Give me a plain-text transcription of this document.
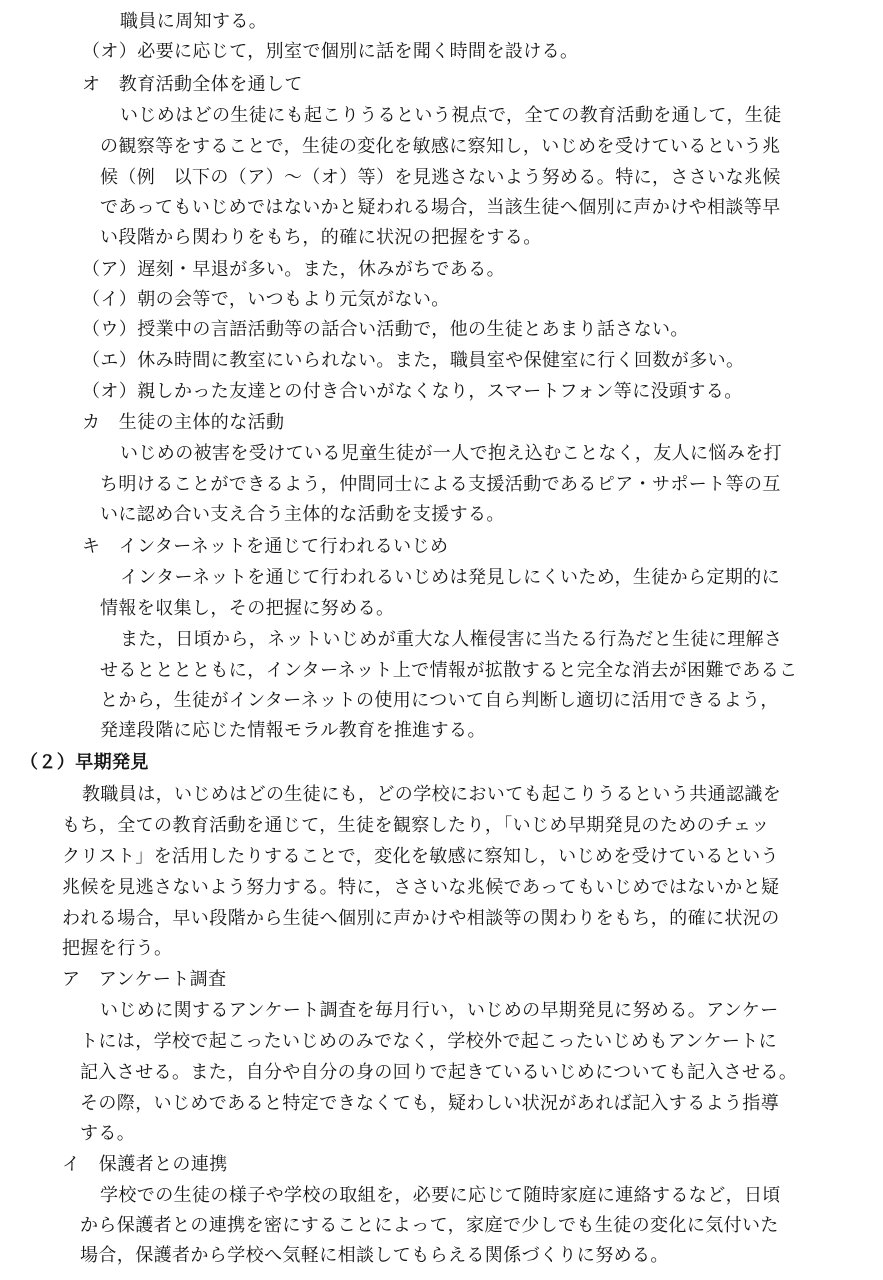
職員に周知する。
（オ）必要に応じて，別室で個別に話を聞く時間を設ける。
オ　教育活動全体を通して
いじめはどの生徒にも起こりうるという視点で，全ての教育活動を通して，生徒
の観察等をすることで，生徒の変化を敏感に察知し，いじめを受けているという兆
候（例　以下の（ア）～（オ）等）を見逃さないよう努める。特に，ささいな兆候
であってもいじめではないかと疑われる場合，当該生徒へ個別に声かけや相談等早
い段階から関わりをもち，的確に状況の把握をする。
（ア）遅刻・早退が多い。また，休みがちである。
（イ）朝の会等で，いつもより元気がない。
（ウ）授業中の言語活動等の話合い活動で，他の生徒とあまり話さない。
（エ）休み時間に教室にいられない。また，職員室や保健室に行く回数が多い。
（オ）親しかった友達との付き合いがなくなり，スマートフォン等に没頭する。
カ　生徒の主体的な活動
いじめの被害を受けている児童生徒が一人で抱え込むことなく，友人に悩みを打
ち明けることができるよう，仲間同士による支援活動であるピア・サポート等の互
いに認め合い支え合う主体的な活動を支援する。
キ　インターネットを通じて行われるいじめ
インターネットを通じて行われるいじめは発見しにくいため，生徒から定期的に
情報を収集し，その把握に努める。
また，日頃から，ネットいじめが重大な人権侵害に当たる行為だと生徒に理解さ
せるとととともに，インターネット上で情報が拡散すると完全な消去が困難であるこ
とから，生徒がインターネットの使用について自ら判断し適切に活用できるよう，
発達段階に応じた情報モラル教育を推進する。
（２）早期発見
教職員は，いじめはどの生徒にも，どの学校においても起こりうるという共通認識を
もち，全ての教育活動を通じて，生徒を観察したり，「いじめ早期発見のためのチェッ
クリスト」を活用したりすることで，変化を敏感に察知し，いじめを受けているという
兆候を見逃さないよう努力する。特に，ささいな兆候であってもいじめではないかと疑
われる場合，早い段階から生徒へ個別に声かけや相談等の関わりをもち，的確に状況の
把握を行う。
ア　アンケート調査
いじめに関するアンケート調査を毎月行い，いじめの早期発見に努める。アンケー
トには，学校で起こったいじめのみでなく，学校外で起こったいじめもアンケートに
記入させる。また，自分や自分の身の回りで起きているいじめについても記入させる。
その際，いじめであると特定できなくても，疑わしい状況があれば記入するよう指導
する。
イ　保護者との連携
学校での生徒の様子や学校の取組を，必要に応じて随時家庭に連絡するなど，日頃
から保護者との連携を密にすることによって，家庭で少しでも生徒の変化に気付いた
場合，保護者から学校へ気軽に相談してもらえる関係づくりに努める。
